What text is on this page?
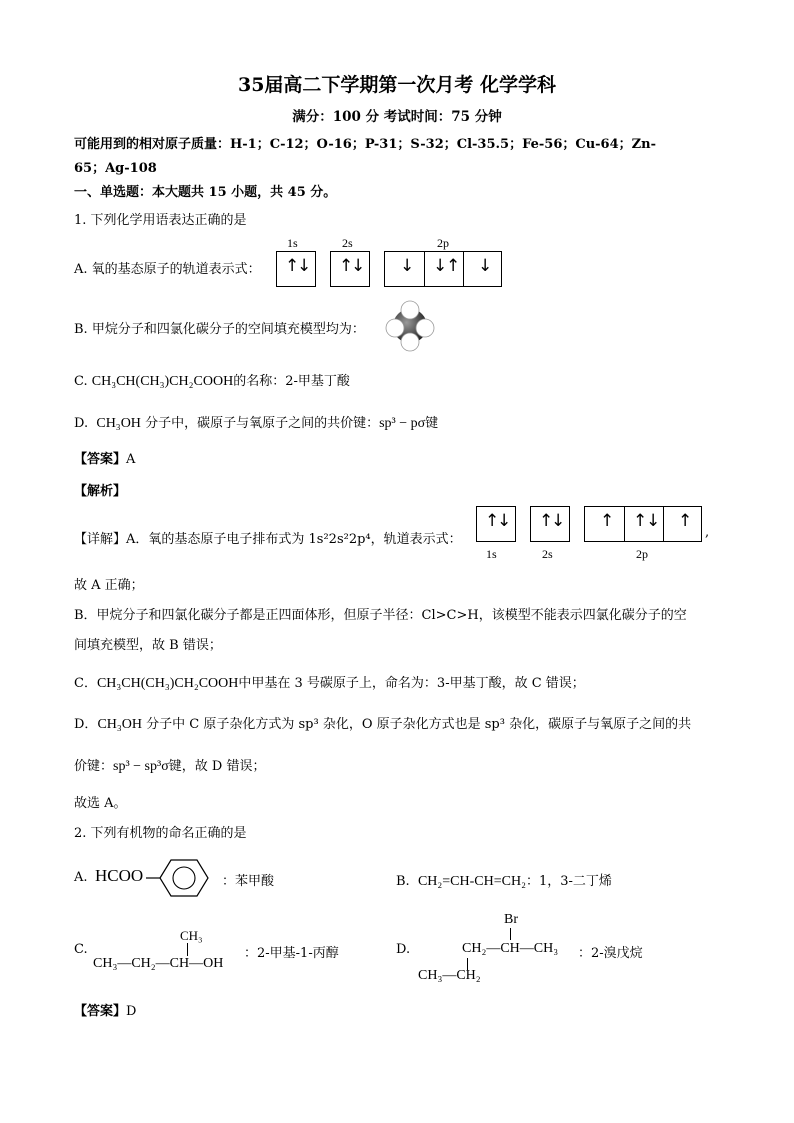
35届高二下学期第一次月考 化学学科
满分：100 分 考试时间：75 分钟
可能用到的相对原子质量：H-1；C-12；O-16；P-31；S-32；Cl-35.5；Fe-56；Cu-64；Zn-
65；Ag-108
一、单选题：本大题共 15 小题，共 45 分。
1. 下列化学用语表达正确的是
A. 氧的基态原子的轨道表示式：
1s	2s	2p
↑
↓ ↑
↓ ↓ ↓
↑ ↓
B. 甲烷分子和四氯化碳分子的空间填充模型均为：
C. CH₃CH(CH₃)CH₂COOH的名称：2-甲基丁酸
D. CH₃OH 分子中，碳原子与氧原子之间的共价键：sp³ − pσ键
【答案】A
【解析】
【详解】A．氧的基态原子电子排布式为 1s²2s²2p⁴，轨道表示式：
↑
↓ ↑
↓ ↑ ↑
↓ ↑
,
1s	2s	2p
故 A 正确；
B．甲烷分子和四氯化碳分子都是正四面体形，但原子半径：Cl>C>H，该模型不能表示四氯化碳分子的空
间填充模型，故 B 错误；
C．CH₃CH(CH₃)CH₂COOH中甲基在 3 号碳原子上，命名为：3-甲基丁酸，故 C 错误；
D．CH₃OH 分子中 C 原子杂化方式为 sp³ 杂化，O 原子杂化方式也是 sp³ 杂化，碳原子与氧原子之间的共
价键：sp³ − sp³σ键，故 D 错误；
故选 A。
2. 下列有机物的命名正确的是
A. HCOO	：苯甲酸	B. CH₂=CH-CH=CH₂：1，3-二丁烯
C.
CH₃
CH₃—CH₂—CH—OH
：2-甲基-1-丙醇	D.
Br
CH₂—CH—CH₃
CH₃—CH₂
：2-溴戊烷
【答案】D
